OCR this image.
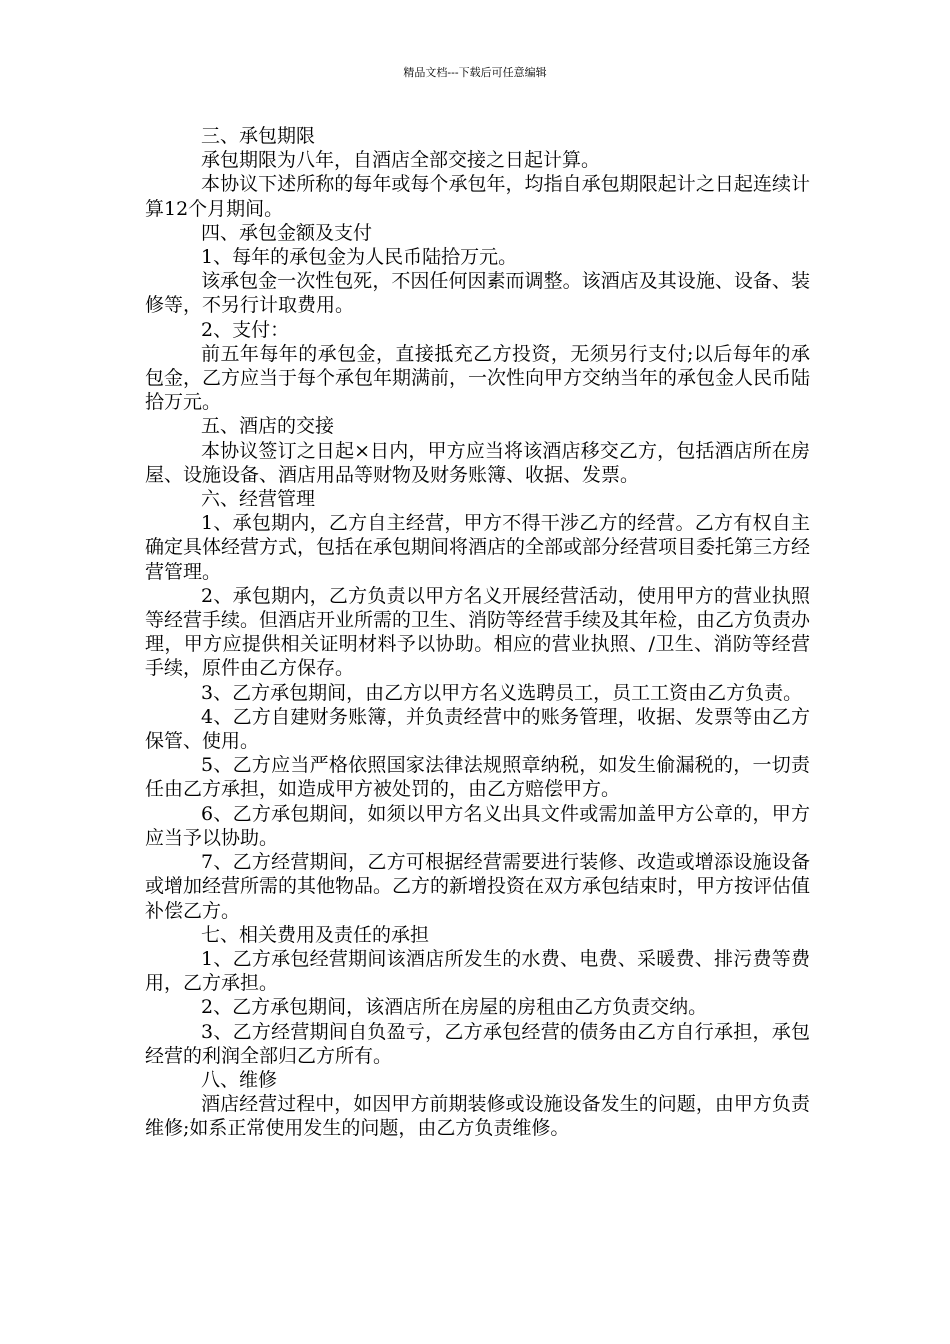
精品文档---下载后可任意编辑

三、承包期限

承包期限为八年，自酒店全部交接之日起计算。

本协议下述所称的每年或每个承包年，均指自承包期限起计之日起连续计算12个月期间。

四、承包金额及支付

1、每年的承包金为人民币陆拾万元。

该承包金一次性包死，不因任何因素而调整。该酒店及其设施、设备、装修等，不另行计取费用。

2、支付：

前五年每年的承包金，直接抵充乙方投资，无须另行支付;以后每年的承包金，乙方应当于每个承包年期满前，一次性向甲方交纳当年的承包金人民币陆拾万元。

五、酒店的交接

本协议签订之日起×日内，甲方应当将该酒店移交乙方，包括酒店所在房屋、设施设备、酒店用品等财物及财务账簿、收据、发票。

六、经营管理

1、承包期内，乙方自主经营，甲方不得干涉乙方的经营。乙方有权自主确定具体经营方式，包括在承包期间将酒店的全部或部分经营项目委托第三方经营管理。

2、承包期内，乙方负责以甲方名义开展经营活动，使用甲方的营业执照等经营手续。但酒店开业所需的卫生、消防等经营手续及其年检，由乙方负责办理，甲方应提供相关证明材料予以协助。相应的营业执照、/卫生、消防等经营手续，原件由乙方保存。

3、乙方承包期间，由乙方以甲方名义选聘员工，员工工资由乙方负责。

4、乙方自建财务账簿，并负责经营中的账务管理，收据、发票等由乙方保管、使用。

5、乙方应当严格依照国家法律法规照章纳税，如发生偷漏税的，一切责任由乙方承担，如造成甲方被处罚的，由乙方赔偿甲方。

6、乙方承包期间，如须以甲方名义出具文件或需加盖甲方公章的，甲方应当予以协助。

7、乙方经营期间，乙方可根据经营需要进行装修、改造或增添设施设备或增加经营所需的其他物品。乙方的新增投资在双方承包结束时，甲方按评估值补偿乙方。

七、相关费用及责任的承担

1、乙方承包经营期间该酒店所发生的水费、电费、采暖费、排污费等费用，乙方承担。

2、乙方承包期间，该酒店所在房屋的房租由乙方负责交纳。

3、乙方经营期间自负盈亏，乙方承包经营的债务由乙方自行承担，承包经营的利润全部归乙方所有。

八、维修

酒店经营过程中，如因甲方前期装修或设施设备发生的问题，由甲方负责维修;如系正常使用发生的问题，由乙方负责维修。
